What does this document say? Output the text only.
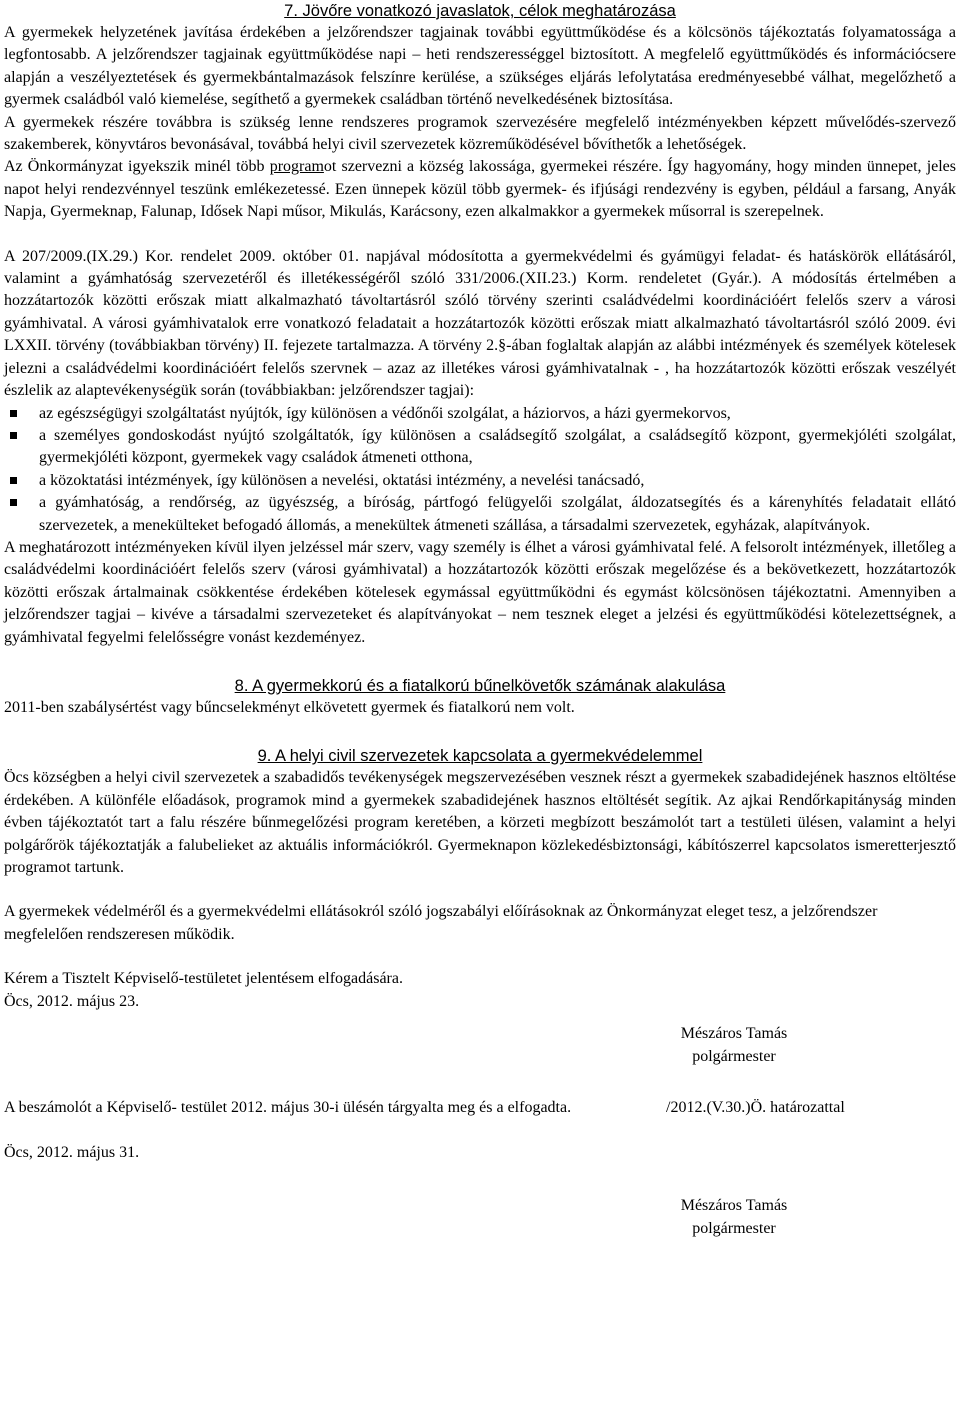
7. Jövőre vonatkozó javaslatok, célok meghatározása

A gyermekek helyzetének javítása érdekében a jelzőrendszer tagjainak további együttműködése és a kölcsönös tájékoztatás folyamatossága a legfontosabb. A jelzőrendszer tagjainak együttműködése napi – heti rendszerességgel biztosított. A megfelelő együttműködés és információcsere alapján a veszélyeztetések és gyermekbántalmazások felszínre kerülése, a szükséges eljárás lefolytatása eredményesebbé válhat, megelőzhető a gyermek családból való kiemelése, segíthető a gyermekek családban történő nevelkedésének biztosítása.

A gyermekek részére továbbra is szükség lenne rendszeres programok szervezésére megfelelő intézményekben képzett művelődés-szervező szakemberek, könyvtáros bevonásával, továbbá helyi civil szervezetek közreműködésével bővíthetők a lehetőségek.

Az Önkormányzat igyekszik minél több programot szervezni a község lakossága, gyermekei részére. Így hagyomány, hogy minden ünnepet, jeles napot helyi rendezvénnyel teszünk emlékezetessé. Ezen ünnepek közül több gyermek- és ifjúsági rendezvény is egyben, például a farsang, Anyák Napja, Gyermeknap, Falunap, Idősek Napi műsor, Mikulás, Karácsony, ezen alkalmakkor a gyermekek műsorral is szerepelnek.

A 207/2009.(IX.29.) Kor. rendelet 2009. október 01. napjával módosította a gyermekvédelmi és gyámügyi feladat- és hatáskörök ellátásáról, valamint a gyámhatóság szervezetéről és illetékességéről szóló 331/2006.(XII.23.) Korm. rendeletet (Gyár.). A módosítás értelmében a hozzátartozók közötti erőszak miatt alkalmazható távoltartásról szóló törvény szerinti családvédelmi koordinációért felelős szerv a városi gyámhivatal. A városi gyámhivatalok erre vonatkozó feladatait a hozzátartozók közötti erőszak miatt alkalmazható távoltartásról szóló 2009. évi LXXII. törvény (továbbiakban törvény) II. fejezete tartalmazza. A törvény 2.§-ában foglaltak alapján az alábbi intézmények és személyek kötelesek jelezni a családvédelmi koordinációért felelős szervnek – azaz az illetékes városi gyámhivatalnak - , ha hozzátartozók közötti erőszak veszélyét észlelik az alaptevékenységük során (továbbiakban: jelzőrendszer tagjai):

az egészségügyi szolgáltatást nyújtók, így különösen a védőnői szolgálat, a háziorvos, a házi gyermekorvos,
a személyes gondoskodást nyújtó szolgáltatók, így különösen a családsegítő szolgálat, a családsegítő központ, gyermekjóléti szolgálat, gyermekjóléti központ, gyermekek vagy családok átmeneti otthona,
a közoktatási intézmények, így különösen a nevelési, oktatási intézmény, a nevelési tanácsadó,
a gyámhatóság, a rendőrség, az ügyészség, a bíróság, pártfogó felügyelői szolgálat, áldozatsegítés és a kárenyhítés feladatait ellátó szervezetek, a menekülteket befogadó állomás, a menekültek átmeneti szállása, a társadalmi szervezetek, egyházak, alapítványok.

A meghatározott intézményeken kívül ilyen jelzéssel már szerv, vagy személy is élhet a városi gyámhivatal felé. A felsorolt intézmények, illetőleg a családvédelmi koordinációért felelős szerv (városi gyámhivatal) a hozzátartozók közötti erőszak megelőzése és a bekövetkezett, hozzátartozók közötti erőszak ártalmainak csökkentése érdekében kötelesek egymással együttműködni és egymást kölcsönösen tájékoztatni. Amennyiben a jelzőrendszer tagjai – kivéve a társadalmi szervezeteket és alapítványokat – nem tesznek eleget a jelzési és együttműködési kötelezettségnek, a gyámhivatal fegyelmi felelősségre vonást kezdeményez.

8. A gyermekkorú és a fiatalkorú bűnelkövetők számának alakulása

2011-ben szabálysértést vagy bűncselekményt elkövetett gyermek és fiatalkorú nem volt.

9. A helyi civil szervezetek kapcsolata a gyermekvédelemmel

Öcs községben a helyi civil szervezetek a szabadidős tevékenységek megszervezésében vesznek részt a gyermekek szabadidejének hasznos eltöltése érdekében. A különféle előadások, programok mind a gyermekek szabadidejének hasznos eltöltését segítik. Az ajkai Rendőrkapitányság minden évben tájékoztatót tart a falu részére bűnmegelőzési program keretében, a körzeti megbízott beszámolót tart a testületi ülésen, valamint a helyi polgárőrök tájékoztatják a falubelieket az aktuális információkról. Gyermeknapon közlekedésbiztonsági, kábítószerrel kapcsolatos ismeretterjesztő programot tartunk.

A gyermekek védelméről és a gyermekvédelmi ellátásokról szóló jogszabályi előírásoknak az Önkormányzat eleget tesz, a jelzőrendszer megfelelően rendszeresen működik.

Kérem a Tisztelt Képviselő-testületet jelentésem elfogadására.

Öcs, 2012. május 23.

Mészáros Tamás
polgármester

A beszámolót a Képviselő- testület 2012. május 30-i ülésén tárgyalta meg és a elfogadta.	/2012.(V.30.)Ö. határozattal

Öcs, 2012. május 31.

Mészáros Tamás
polgármester
